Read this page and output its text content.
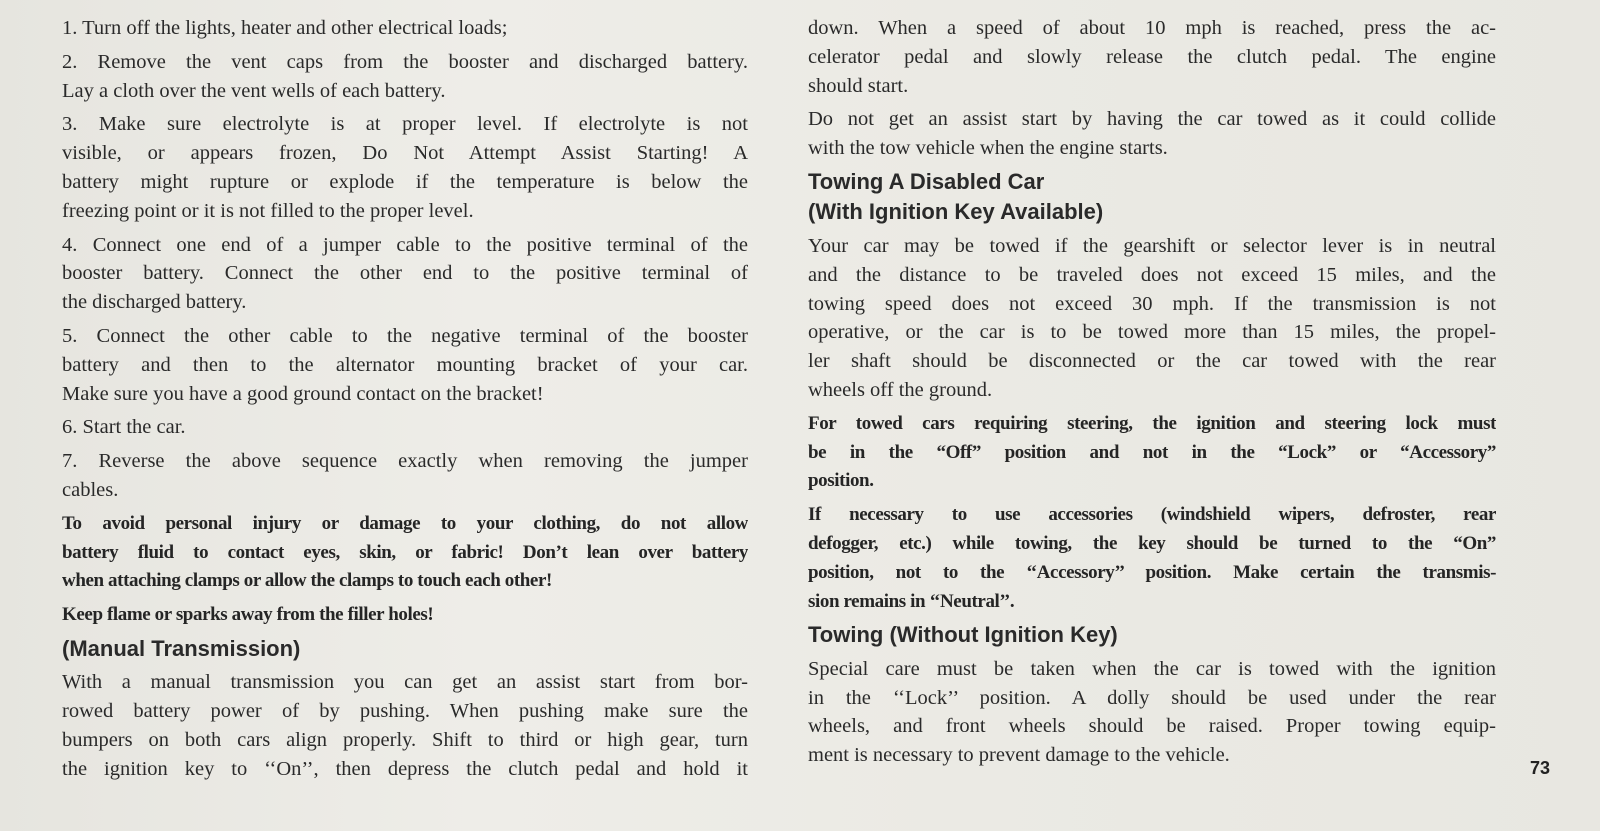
1. Turn off the lights, heater and other electrical loads;
2. Remove the vent caps from the booster and discharged battery.
Lay a cloth over the vent wells of each battery.
3. Make sure electrolyte is at proper level. If electrolyte is not
visible, or appears frozen, Do Not Attempt Assist Starting! A
battery might rupture or explode if the temperature is below the
freezing point or it is not filled to the proper level.
4. Connect one end of a jumper cable to the positive terminal of the
booster battery. Connect the other end to the positive terminal of
the discharged battery.
5. Connect the other cable to the negative terminal of the booster
battery and then to the alternator mounting bracket of your car.
Make sure you have a good ground contact on the bracket!
6. Start the car.
7. Reverse the above sequence exactly when removing the jumper
cables.
To avoid personal injury or damage to your clothing, do not allow
battery fluid to contact eyes, skin, or fabric! Don’t lean over battery
when attaching clamps or allow the clamps to touch each other!
Keep flame or sparks away from the filler holes!
(Manual Transmission)
With a manual transmission you can get an assist start from bor-
rowed battery power of by pushing. When pushing make sure the
bumpers on both cars align properly. Shift to third or high gear, turn
the ignition key to ‘‘On’’, then depress the clutch pedal and hold it
down. When a speed of about 10 mph is reached, press the ac-
celerator pedal and slowly release the clutch pedal. The engine
should start.
Do not get an assist start by having the car towed as it could collide
with the tow vehicle when the engine starts.
Towing A Disabled Car
(With Ignition Key Available)
Your car may be towed if the gearshift or selector lever is in neutral
and the distance to be traveled does not exceed 15 miles, and the
towing speed does not exceed 30 mph. If the transmission is not
operative, or the car is to be towed more than 15 miles, the propel-
ler shaft should be disconnected or the car towed with the rear
wheels off the ground.
For towed cars requiring steering, the ignition and steering lock must
be in the “Off” position and not in the “Lock” or “Accessory”
position.
If necessary to use accessories (windshield wipers, defroster, rear
defogger, etc.) while towing, the key should be turned to the “On”
position, not to the ‘‘Accessory’’ position. Make certain the transmis-
sion remains in ‘‘Neutral’’.
Towing (Without Ignition Key)
Special care must be taken when the car is towed with the ignition
in the ‘‘Lock’’ position. A dolly should be used under the rear
wheels, and front wheels should be raised. Proper towing equip-
ment is necessary to prevent damage to the vehicle.
73
